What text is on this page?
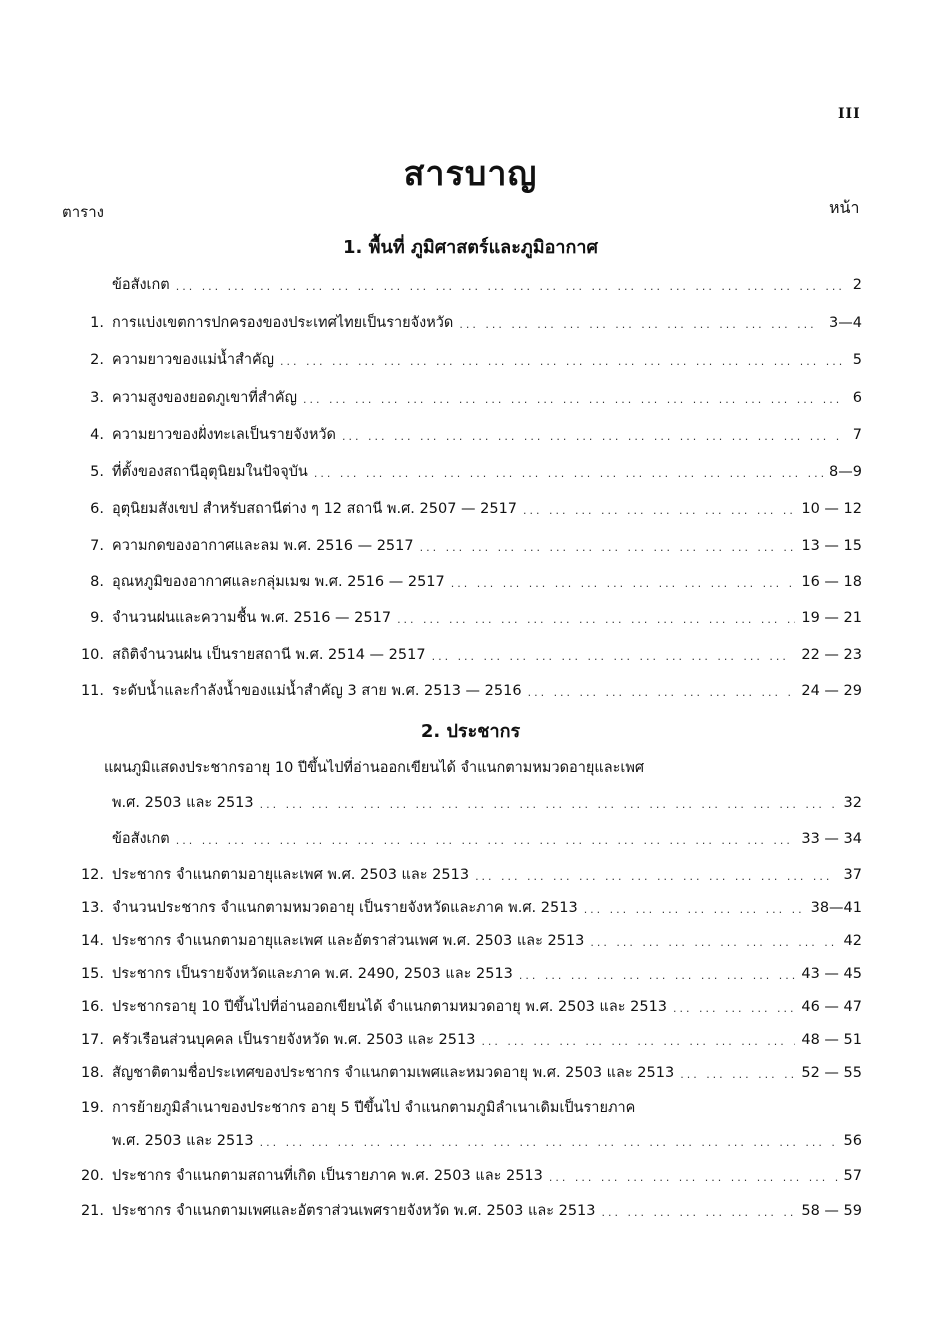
III
สารบาญ
ตาราง	หน้า
1. พื้นที่ ภูมิศาสตร์และภูมิอากาศ
ข้อสังเกต ... .	2
1. การแบ่งเขตการปกครองของประเทศไทยเป็นรายจังหวัด ... .	3—4
2. ความยาวของแม่น้ำสำคัญ ... .	5
3. ความสูงของยอดภูเขาที่สำคัญ ... .	6
4. ความยาวของฝั่งทะเลเป็นรายจังหวัด ... .	7
5. ที่ตั้งของสถานีอุตุนิยมในปัจจุบัน ... .	8—9
6. อุตุนิยมสังเขป สำหรับสถานีต่าง ๆ 12 สถานี พ.ศ. 2507 — 2517 ... .	10 — 12
7. ความกดของอากาศและลม พ.ศ. 2516 — 2517 ... .	13 — 15
8. อุณหภูมิของอากาศและกลุ่มเมฆ พ.ศ. 2516 — 2517 ... .	16 — 18
9. จำนวนฝนและความชื้น พ.ศ. 2516 — 2517 ... .	19 — 21
10. สถิติจำนวนฝน เป็นรายสถานี พ.ศ. 2514 — 2517 ... .	22 — 23
11. ระดับน้ำและกำลังน้ำของแม่น้ำสำคัญ 3 สาย พ.ศ. 2513 — 2516 ... .	24 — 29
2. ประชากร
แผนภูมิแสดงประชากรอายุ 10 ปีขึ้นไปที่อ่านออกเขียนได้ จำแนกตามหมวดอายุและเพศ
พ.ศ. 2503 และ 2513 ... .	32
ข้อสังเกต ... .	33 — 34
12. ประชากร จำแนกตามอายุและเพศ พ.ศ. 2503 และ 2513 ... .	37
13. จำนวนประชากร จำแนกตามหมวดอายุ เป็นรายจังหวัดและภาค พ.ศ. 2513 ... .	38—41
14. ประชากร จำแนกตามอายุและเพศ และอัตราส่วนเพศ พ.ศ. 2503 และ 2513 ... .	42
15. ประชากร เป็นรายจังหวัดและภาค พ.ศ. 2490, 2503 และ 2513 ... .	43 — 45
16. ประชากรอายุ 10 ปีขึ้นไปที่อ่านออกเขียนได้ จำแนกตามหมวดอายุ พ.ศ. 2503 และ 2513 ... .	46 — 47
17. ครัวเรือนส่วนบุคคล เป็นรายจังหวัด พ.ศ. 2503 และ 2513 ... .	48 — 51
18. สัญชาติตามชื่อประเทศของประชากร จำแนกตามเพศและหมวดอายุ พ.ศ. 2503 และ 2513 ... .	52 — 55
19. การย้ายภูมิลำเนาของประชากร อายุ 5 ปีขึ้นไป จำแนกตามภูมิลำเนาเดิมเป็นรายภาค
พ.ศ. 2503 และ 2513 ... .	56
20. ประชากร จำแนกตามสถานที่เกิด เป็นรายภาค พ.ศ. 2503 และ 2513 ... .	57
21. ประชากร จำแนกตามเพศและอัตราส่วนเพศรายจังหวัด พ.ศ. 2503 และ 2513 ... .	58 — 59
